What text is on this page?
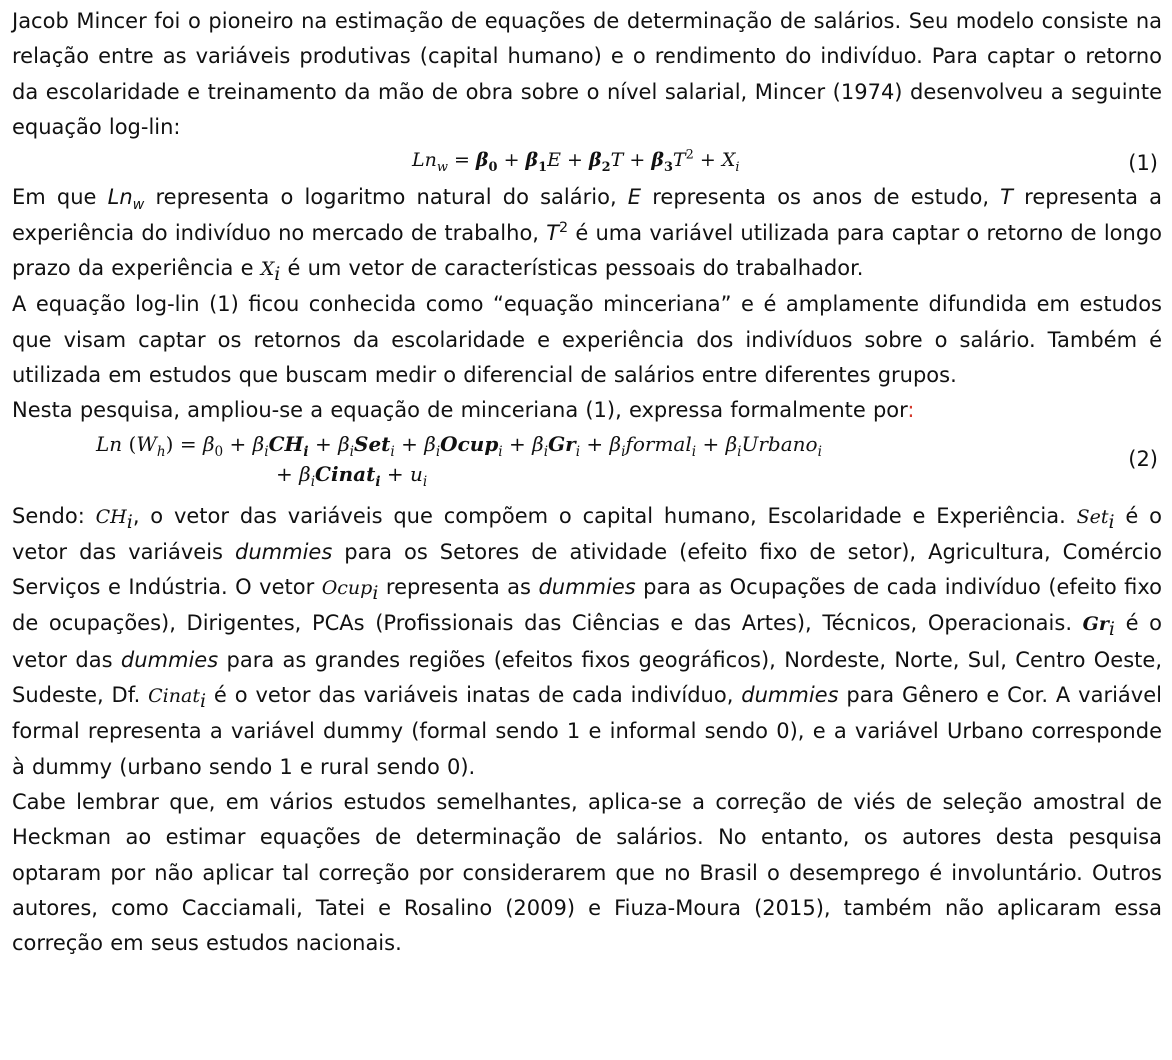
Jacob Mincer foi o pioneiro na estimação de equações de determinação de salários. Seu modelo consiste na relação entre as variáveis produtivas (capital humano) e o rendimento do indivíduo. Para captar o retorno da escolaridade e treinamento da mão de obra sobre o nível salarial, Mincer (1974) desenvolveu a seguinte equação log-lin:

$Ln_w = \beta_0 + \beta_1E + \beta_2T + \beta_3T^2 + X_i$	(1)

Em que $Ln_w$ representa o logaritmo natural do salário, E representa os anos de estudo, T representa a experiência do indivíduo no mercado de trabalho, $T^2$ é uma variável utilizada para captar o retorno de longo prazo da experiência e $X_i$ é um vetor de características pessoais do trabalhador.

A equação log-lin (1) ficou conhecida como “equação minceriana” e é amplamente difundida em estudos que visam captar os retornos da escolaridade e experiência dos indivíduos sobre o salário. Também é utilizada em estudos que buscam medir o diferencial de salários entre diferentes grupos.

Nesta pesquisa, ampliou-se a equação de minceriana (1), expressa formalmente por:

Ln $(W_h) = \beta_0 + \beta_iCH_i + \beta_iSet_i$ + $\beta_iOcup_i + \beta_iGr_i$ + $\beta_iformal_i$ + $\beta_iUrbano_i$
+ $\beta_iCinat_i + u_i$
(2)

Sendo: $CH_i$, o vetor das variáveis que compõem o capital humano, Escolaridade e Experiência. Set$_i$ é o vetor das variáveis dummies para os Setores de atividade (efeito fixo de setor), Agricultura, Comércio Serviços e Indústria. O vetor Ocup$_i$ representa as dummies para as Ocupações de cada indivíduo (efeito fixo de ocupações), Dirigentes, PCAs (Profissionais das Ciências e das Artes), Técnicos, Operacionais. $Gr_i$ é o vetor das dummies para as grandes regiões (efeitos fixos geográficos), Nordeste, Norte, Sul, Centro Oeste, Sudeste, Df. Cinat$_i$ é o vetor das variáveis inatas de cada indivíduo, dummies para Gênero e Cor. A variável formal representa a variável dummy (formal sendo 1 e informal sendo 0), e a variável Urbano corresponde à dummy (urbano sendo 1 e rural sendo 0).

Cabe lembrar que, em vários estudos semelhantes, aplica-se a correção de viés de seleção amostral de Heckman ao estimar equações de determinação de salários. No entanto, os autores desta pesquisa optaram por não aplicar tal correção por considerarem que no Brasil o desemprego é involuntário. Outros autores, como Cacciamali, Tatei e Rosalino (2009) e Fiuza-Moura (2015), também não aplicaram essa correção em seus estudos nacionais.
